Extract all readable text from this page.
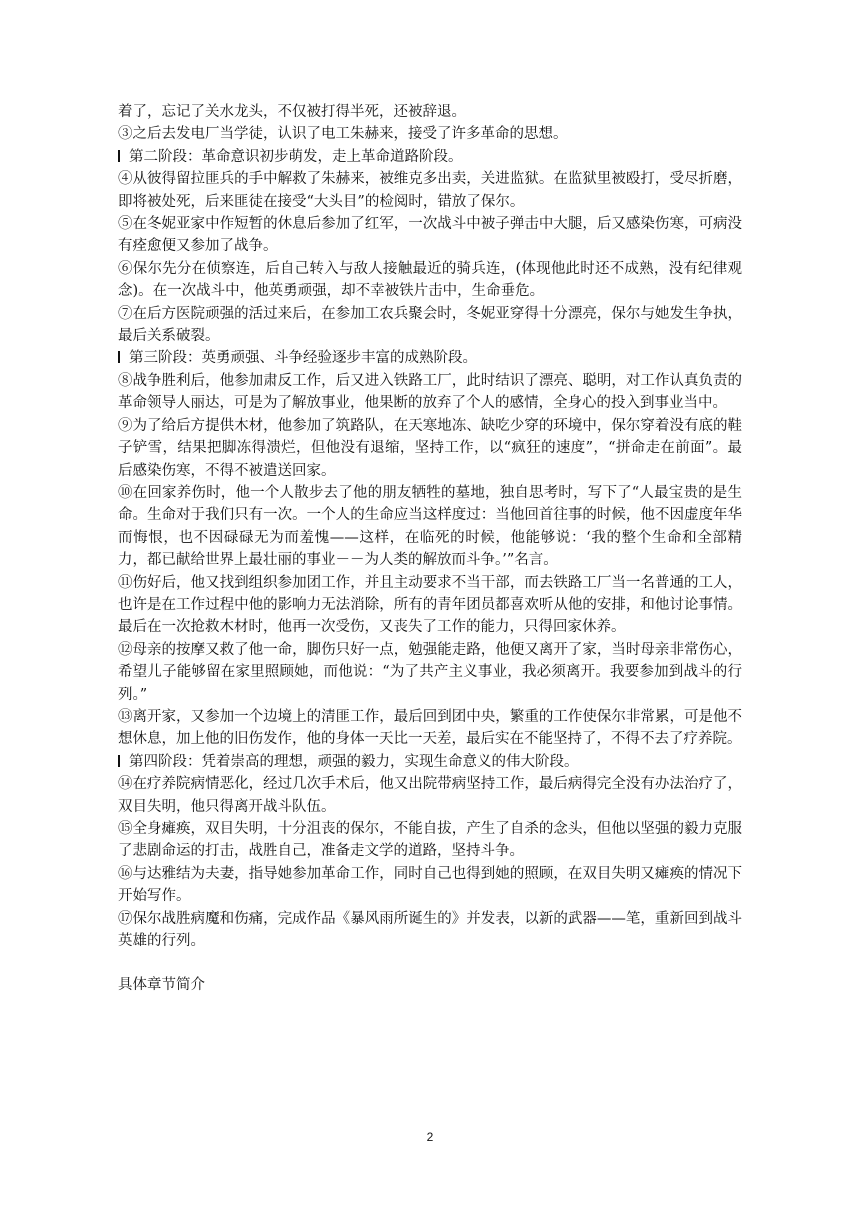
着了，忘记了关水龙头，不仅被打得半死，还被辞退。

③之后去发电厂当学徒，认识了电工朱赫来，接受了许多革命的思想。

第二阶段：革命意识初步萌发，走上革命道路阶段。

④从彼得留拉匪兵的手中解救了朱赫来，被维克多出卖，关进监狱。在监狱里被殴打，受尽折磨，即将被处死，后来匪徒在接受“大头目”的检阅时，错放了保尔。

⑤在冬妮亚家中作短暂的休息后参加了红军，一次战斗中被子弹击中大腿，后又感染伤寒，可病没有痊愈便又参加了战争。

⑥保尔先分在侦察连，后自己转入与敌人接触最近的骑兵连，(体现他此时还不成熟，没有纪律观念)。在一次战斗中，他英勇顽强，却不幸被铁片击中，生命垂危。

⑦在后方医院顽强的活过来后，在参加工农兵聚会时，冬妮亚穿得十分漂亮，保尔与她发生争执，最后关系破裂。

第三阶段：英勇顽强、斗争经验逐步丰富的成熟阶段。

⑧战争胜利后，他参加肃反工作，后又进入铁路工厂，此时结识了漂亮、聪明，对工作认真负责的革命领导人丽达，可是为了解放事业，他果断的放弃了个人的感情，全身心的投入到事业当中。

⑨为了给后方提供木材，他参加了筑路队，在天寒地冻、缺吃少穿的环境中，保尔穿着没有底的鞋子铲雪，结果把脚冻得溃烂，但他没有退缩，坚持工作，以“疯狂的速度”，“拼命走在前面”。最后感染伤寒，不得不被遣送回家。

⑩在回家养伤时，他一个人散步去了他的朋友牺牲的墓地，独自思考时，写下了“人最宝贵的是生命。生命对于我们只有一次。一个人的生命应当这样度过：当他回首往事的时候，他不因虚度年华而悔恨，也不因碌碌无为而羞愧——这样，在临死的时候，他能够说：‘我的整个生命和全部精力，都已献给世界上最壮丽的事业－－为人类的解放而斗争。’”名言。

⑪伤好后，他又找到组织参加团工作，并且主动要求不当干部，而去铁路工厂当一名普通的工人，也许是在工作过程中他的影响力无法消除，所有的青年团员都喜欢听从他的安排，和他讨论事情。最后在一次抢救木材时，他再一次受伤，又丧失了工作的能力，只得回家休养。

⑫母亲的按摩又救了他一命，脚伤只好一点，勉强能走路，他便又离开了家，当时母亲非常伤心，希望儿子能够留在家里照顾她，而他说：“为了共产主义事业，我必须离开。我要参加到战斗的行列。”

⑬离开家，又参加一个边境上的清匪工作，最后回到团中央，繁重的工作使保尔非常累，可是他不想休息，加上他的旧伤发作，他的身体一天比一天差，最后实在不能坚持了，不得不去了疗养院。

第四阶段：凭着崇高的理想，顽强的毅力，实现生命意义的伟大阶段。

⑭在疗养院病情恶化，经过几次手术后，他又出院带病坚持工作，最后病得完全没有办法治疗了，双目失明，他只得离开战斗队伍。

⑮全身瘫痪，双目失明，十分沮丧的保尔，不能自拔，产生了自杀的念头，但他以坚强的毅力克服了悲剧命运的打击，战胜自己，准备走文学的道路，坚持斗争。

⑯与达雅结为夫妻，指导她参加革命工作，同时自己也得到她的照顾，在双目失明又瘫痪的情况下开始写作。

⑰保尔战胜病魔和伤痛，完成作品《暴风雨所诞生的》并发表，以新的武器——笔，重新回到战斗英雄的行列。

具体章节简介

2
